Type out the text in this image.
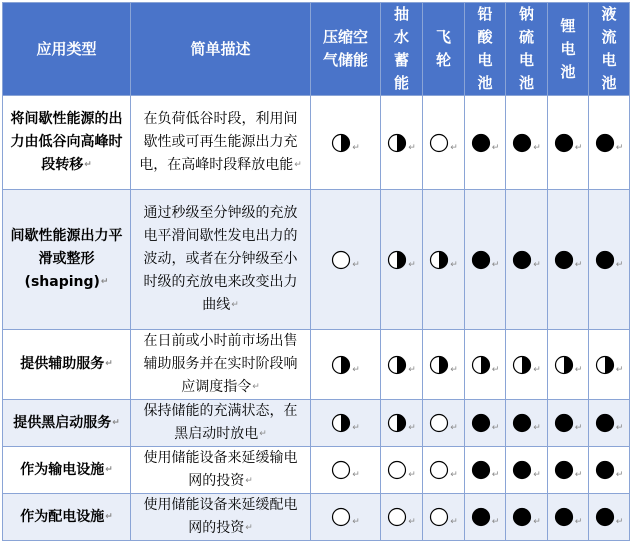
应用类型	简单描述	压缩空气储能	抽水蓄能	飞轮	铅酸电池	钠硫电池	锂电池	液流电池
将间歇性能源的出力由低谷向高峰时段转移↵	在负荷低谷时段，利用间歇性或可再生能源出力充电，在高峰时段释放电能↵	↵	↵	↵	↵	↵	↵	↵
间歇性能源出力平滑或整形(shaping)↵	通过秒级至分钟级的充放电平滑间歇性发电出力的波动，或者在分钟级至小时级的充放电来改变出力曲线↵	↵	↵	↵	↵	↵	↵	↵
提供辅助服务↵	在日前或小时前市场出售辅助服务并在实时阶段响应调度指令↵	↵	↵	↵	↵	↵	↵	↵
提供黑启动服务↵	保持储能的充满状态，在黑启动时放电↵	↵	↵	↵	↵	↵	↵	↵
作为输电设施↵	使用储能设备来延缓输电网的投资↵	↵	↵	↵	↵	↵	↵	↵
作为配电设施↵	使用储能设备来延缓配电网的投资↵	↵	↵	↵	↵	↵	↵	↵
